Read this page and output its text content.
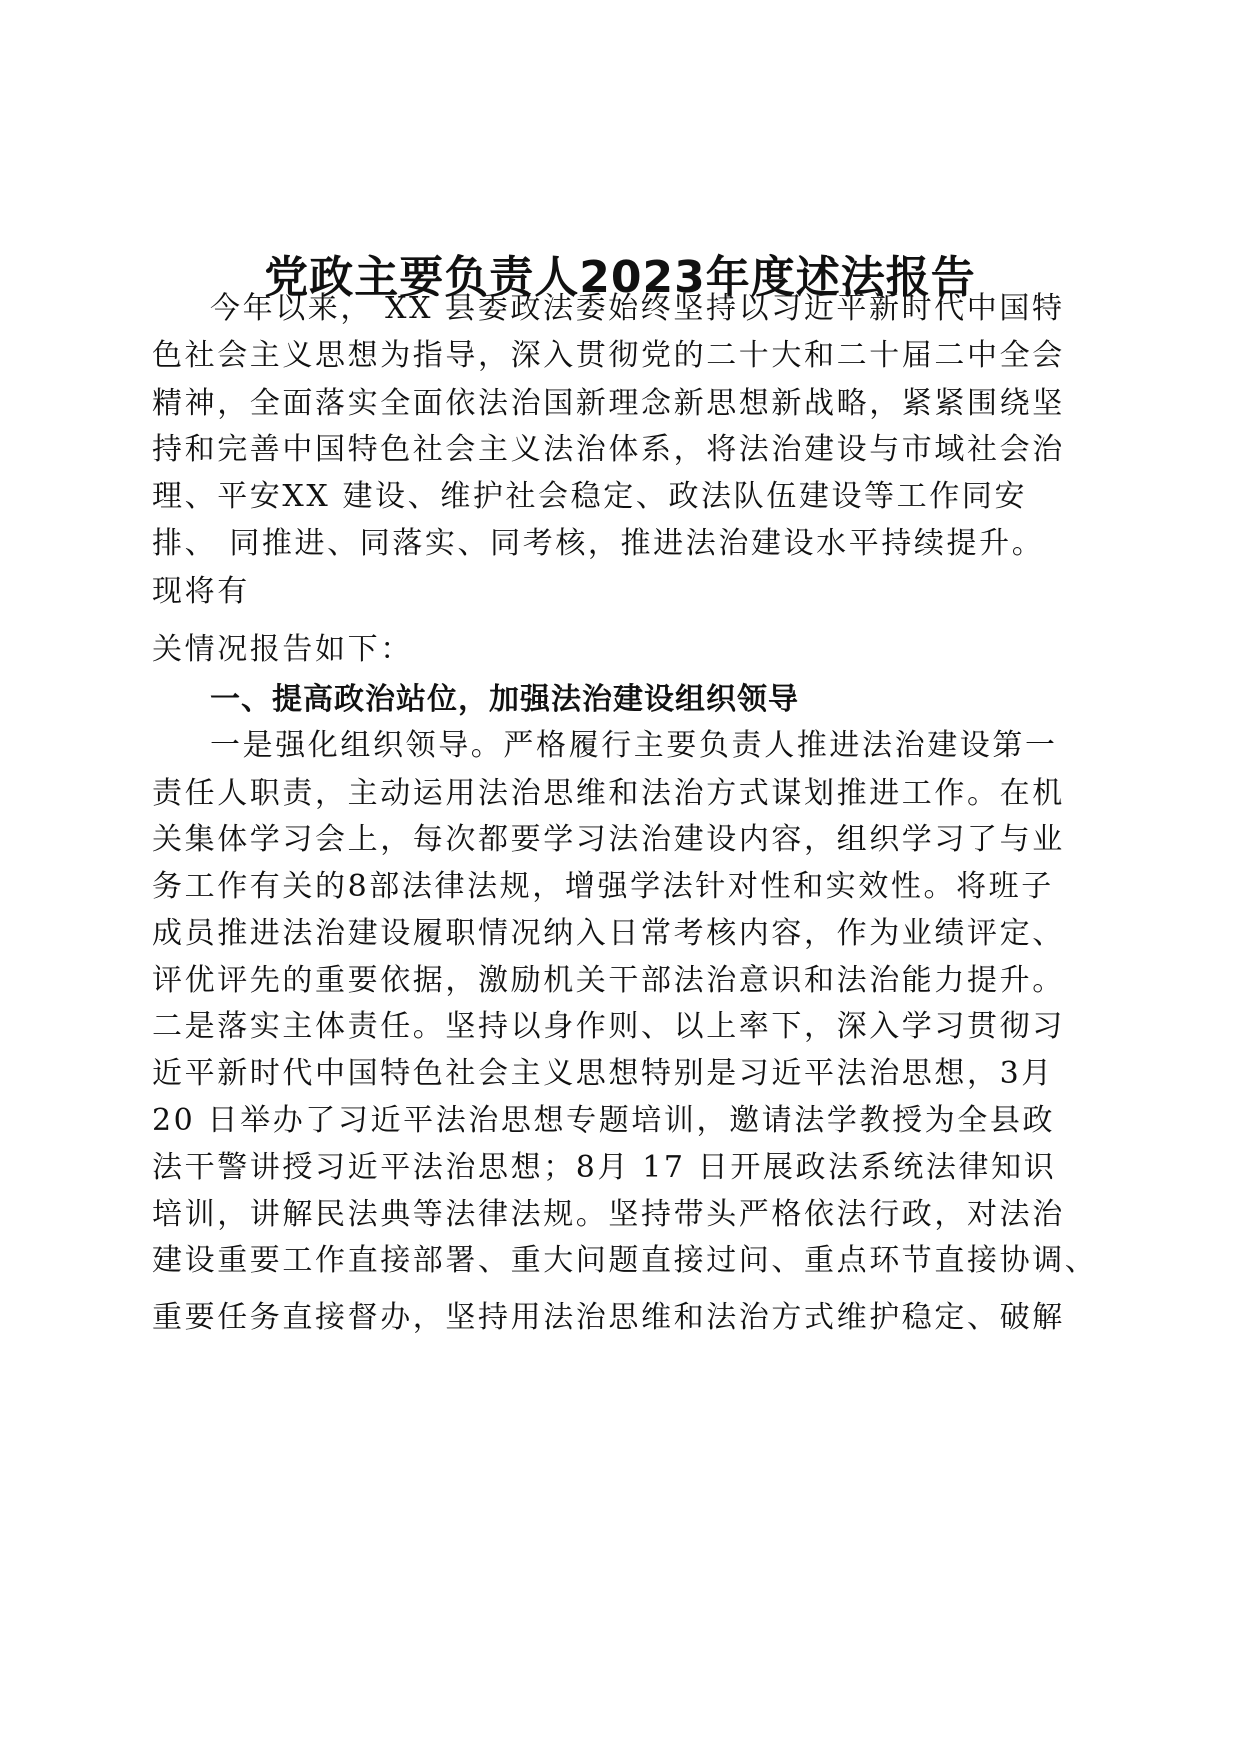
党政主要负责人2023年度述法报告
今年以来， XX 县委政法委始终坚持以习近平新时代中国特
色社会主义思想为指导，深入贯彻党的二十大和二十届二中全会
精神，全面落实全面依法治国新理念新思想新战略，紧紧围绕坚
持和完善中国特色社会主义法治体系，将法治建设与市域社会治
理、平安XX 建设、维护社会稳定、政法队伍建设等工作同安
排、 同推进、同落实、同考核，推进法治建设水平持续提升。
现将有
关情况报告如下：
一、提高政治站位，加强法治建设组织领导
一是强化组织领导。严格履行主要负责人推进法治建设第一
责任人职责，主动运用法治思维和法治方式谋划推进工作。在机
关集体学习会上，每次都要学习法治建设内容，组织学习了与业
务工作有关的8部法律法规，增强学法针对性和实效性。将班子
成员推进法治建设履职情况纳入日常考核内容，作为业绩评定、
评优评先的重要依据，激励机关干部法治意识和法治能力提升。
二是落实主体责任。坚持以身作则、以上率下，深入学习贯彻习
近平新时代中国特色社会主义思想特别是习近平法治思想，3月
20 日举办了习近平法治思想专题培训，邀请法学教授为全县政
法干警讲授习近平法治思想；8月 17 日开展政法系统法律知识
培训，讲解民法典等法律法规。坚持带头严格依法行政，对法治
建设重要工作直接部署、重大问题直接过问、重点环节直接协调、
重要任务直接督办，坚持用法治思维和法治方式维护稳定、破解
